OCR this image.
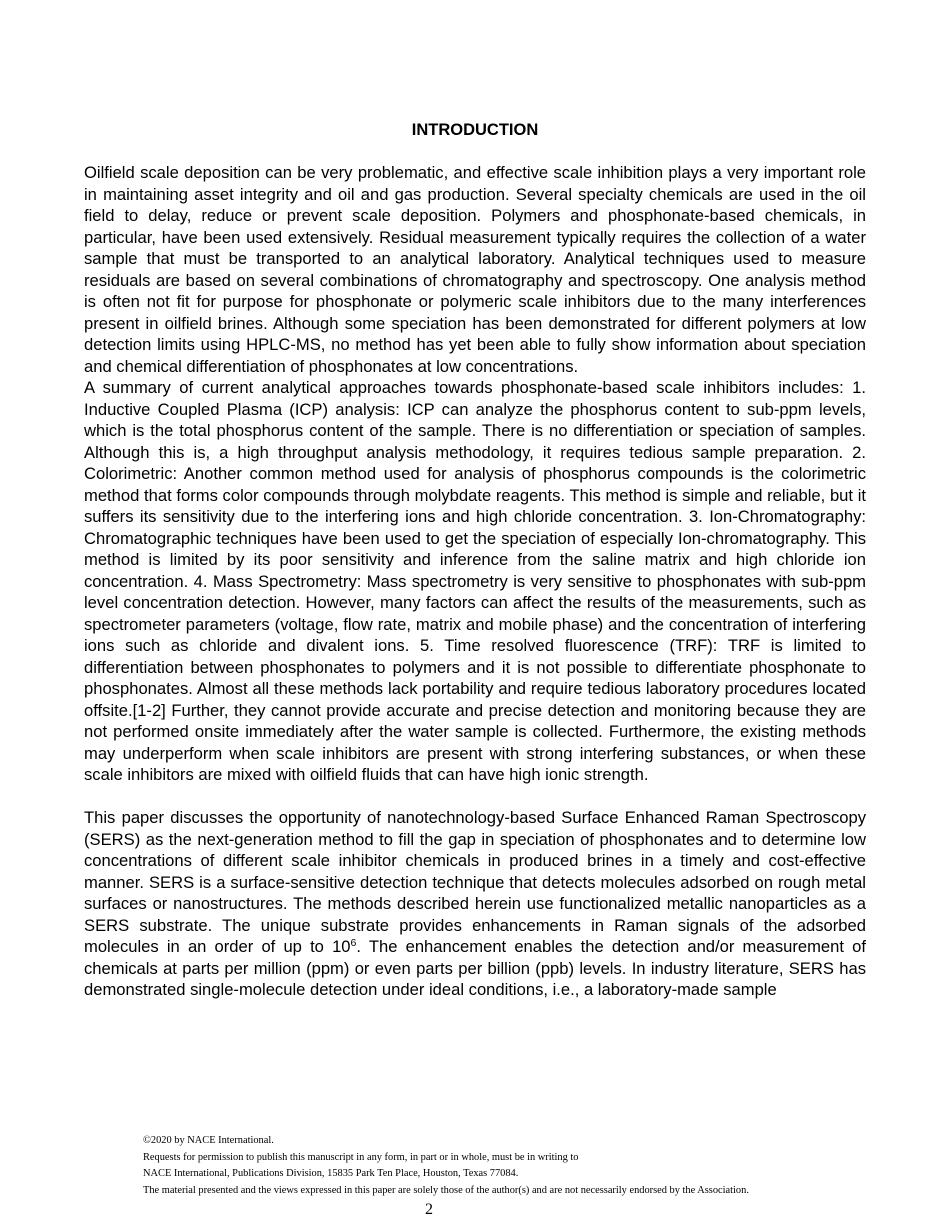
INTRODUCTION

Oilfield scale deposition can be very problematic, and effective scale inhibition plays a very important role in maintaining asset integrity and oil and gas production. Several specialty chemicals are used in the oil field to delay, reduce or prevent scale deposition. Polymers and phosphonate-based chemicals, in particular, have been used extensively. Residual measurement typically requires the collection of a water sample that must be transported to an analytical laboratory. Analytical techniques used to measure residuals are based on several combinations of chromatography and spectroscopy. One analysis method is often not fit for purpose for phosphonate or polymeric scale inhibitors due to the many interferences present in oilfield brines. Although some speciation has been demonstrated for different polymers at low detection limits using HPLC-MS, no method has yet been able to fully show information about speciation and chemical differentiation of phosphonates at low concentrations.

A summary of current analytical approaches towards phosphonate-based scale inhibitors includes: 1. Inductive Coupled Plasma (ICP) analysis: ICP can analyze the phosphorus content to sub-ppm levels, which is the total phosphorus content of the sample. There is no differentiation or speciation of samples. Although this is, a high throughput analysis methodology, it requires tedious sample preparation. 2. Colorimetric: Another common method used for analysis of phosphorus compounds is the colorimetric method that forms color compounds through molybdate reagents. This method is simple and reliable, but it suffers its sensitivity due to the interfering ions and high chloride concentration. 3. Ion-Chromatography: Chromatographic techniques have been used to get the speciation of especially Ion-chromatography. This method is limited by its poor sensitivity and inference from the saline matrix and high chloride ion concentration. 4. Mass Spectrometry: Mass spectrometry is very sensitive to phosphonates with sub-ppm level concentration detection. However, many factors can affect the results of the measurements, such as spectrometer parameters (voltage, flow rate, matrix and mobile phase) and the concentration of interfering ions such as chloride and divalent ions. 5. Time resolved fluorescence (TRF): TRF is limited to differentiation between phosphonates to polymers and it is not possible to differentiate phosphonate to phosphonates. Almost all these methods lack portability and require tedious laboratory procedures located offsite.[1-2] Further, they cannot provide accurate and precise detection and monitoring because they are not performed onsite immediately after the water sample is collected. Furthermore, the existing methods may underperform when scale inhibitors are present with strong interfering substances, or when these scale inhibitors are mixed with oilfield fluids that can have high ionic strength.

This paper discusses the opportunity of nanotechnology-based Surface Enhanced Raman Spectroscopy (SERS) as the next-generation method to fill the gap in speciation of phosphonates and to determine low concentrations of different scale inhibitor chemicals in produced brines in a timely and cost-effective manner. SERS is a surface-sensitive detection technique that detects molecules adsorbed on rough metal surfaces or nanostructures. The methods described herein use functionalized metallic nanoparticles as a SERS substrate. The unique substrate provides enhancements in Raman signals of the adsorbed molecules in an order of up to $10^6$. The enhancement enables the detection and/or measurement of chemicals at parts per million (ppm) or even parts per billion (ppb) levels. In industry literature, SERS has demonstrated single-molecule detection under ideal conditions, i.e., a laboratory-made sample

©2020 by NACE International.
Requests for permission to publish this manuscript in any form, in part or in whole, must be in writing to
NACE International, Publications Division, 15835 Park Ten Place, Houston, Texas 77084.
The material presented and the views expressed in this paper are solely those of the author(s) and are not necessarily endorsed by the Association.
2
